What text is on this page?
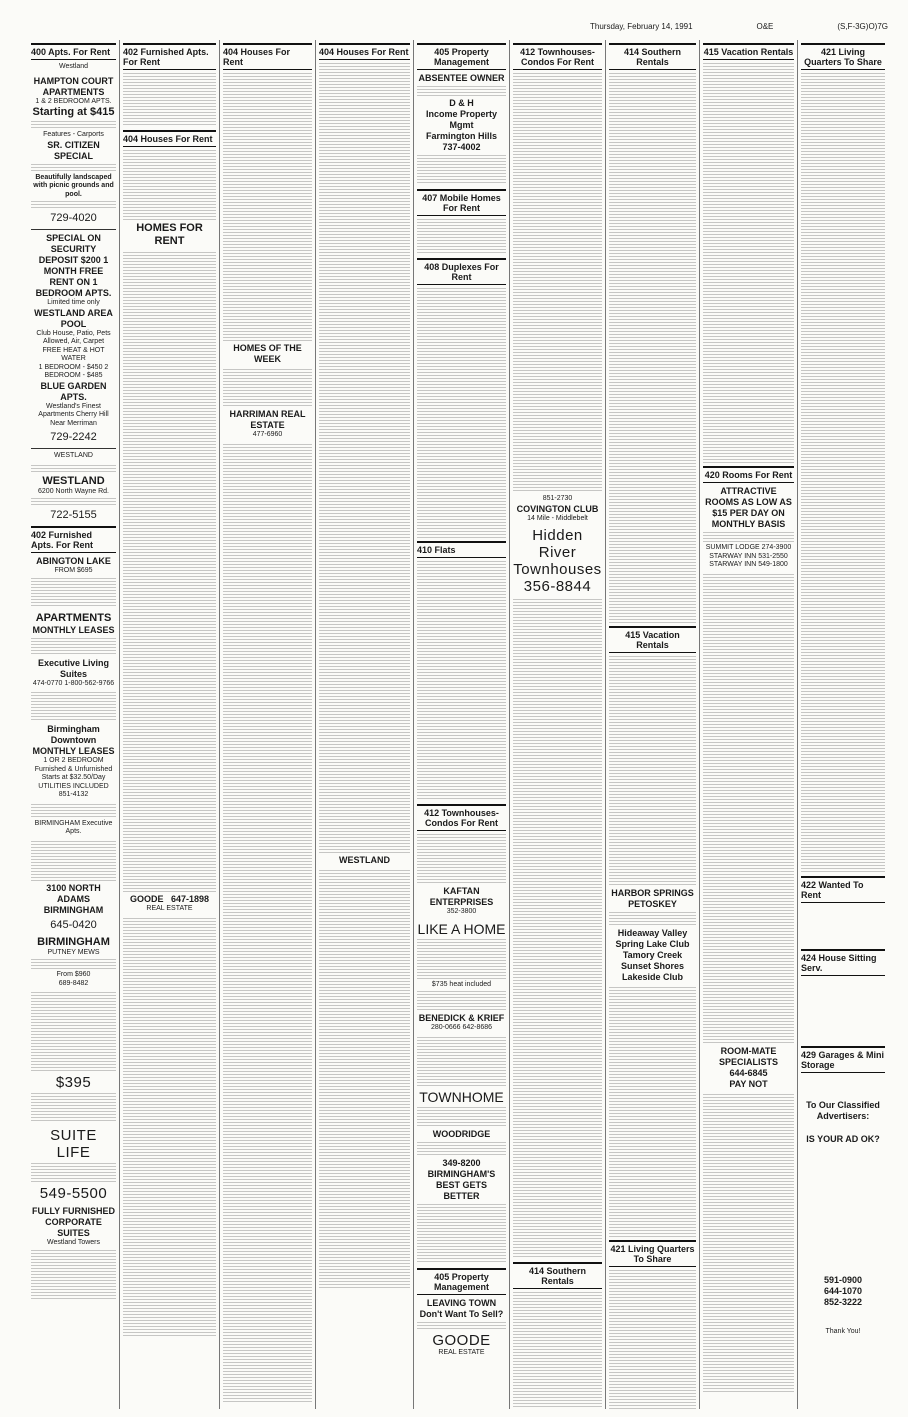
Thursday, February 14, 1991	O&E	(S,F-3G)O)7G
400 Apts. For Rent
Westland
HAMPTON COURT APARTMENTS
1 & 2 BEDROOM APTS.
Starting at $415
Features - Carports
SR. CITIZEN SPECIAL
Beautifully landscaped with picnic grounds and pool.
729-4020
SPECIAL ON SECURITY DEPOSIT $200 1 MONTH FREE RENT ON 1 BEDROOM APTS.
Limited time only
WESTLAND AREA POOL
Club House, Patio, Pets Allowed, Air, Carpet
FREE HEAT & HOT WATER
1 BEDROOM - $450 2 BEDROOM - $485
BLUE GARDEN APTS.
Westland's Finest Apartments Cherry Hill Near Merriman
729-2242
WESTLAND
WESTLAND
6200 North Wayne Rd.
722-5155
402 Furnished Apts. For Rent
ABINGTON LAKE
FROM $695
APARTMENTS
MONTHLY LEASES
Executive Living Suites
474-0770 1-800-562-9766
Birmingham Downtown
MONTHLY LEASES
1 OR 2 BEDROOM Furnished & Unfurnished Starts at $32.50/Day UTILITIES INCLUDED
851-4132
BIRMINGHAM Executive Apts.
3100 NORTH ADAMS BIRMINGHAM
645-0420
BIRMINGHAM
PUTNEY MEWS
From $960
689-8482
$395
SUITE LIFE
549-5500
FULLY FURNISHED CORPORATE SUITES
Westland Towers
402 Furnished Apts. For Rent
404 Houses For Rent
HOMES FOR RENT
GOODE 647-1898
REAL ESTATE
404 Houses For Rent
HOMES OF THE WEEK
HARRIMAN REAL ESTATE
477-6960
404 Houses For Rent
WESTLAND
405 Property Management
ABSENTEE OWNER
D & H
Income Property Mgmt
Farmington Hills 737-4002
407 Mobile Homes For Rent
408 Duplexes For Rent
410 Flats
412 Townhouses-Condos For Rent
KAFTAN ENTERPRISES
352-3800
LIKE A HOME
$735 heat included
BENEDICK & KRIEF
280-0666 642-8686
TOWNHOME
WOODRIDGE
349-8200
BIRMINGHAM'S BEST GETS BETTER
405 Property Management
LEAVING TOWN Don't Want To Sell?
GOODE
REAL ESTATE
412 Townhouses-Condos For Rent
851-2730
COVINGTON CLUB
14 Mile - Middlebelt
Hidden River
Townhouses
356-8844
414 Southern Rentals
414 Southern Rentals
415 Vacation Rentals
HARBOR SPRINGS PETOSKEY
Hideaway Valley Spring Lake Club Tamory Creek Sunset Shores Lakeside Club
421 Living Quarters To Share
415 Vacation Rentals
420 Rooms For Rent
ATTRACTIVE ROOMS AS LOW AS $15 PER DAY ON MONTHLY BASIS
SUMMIT LODGE 274-3900
STARWAY INN 531-2550
STARWAY INN 549-1800
ROOM-MATE SPECIALISTS
644-6845
PAY NOT
421 Living Quarters To Share
422 Wanted To Rent
424 House Sitting Serv.
429 Garages & Mini Storage
To Our Classified Advertisers:
IS YOUR AD OK?
591-0900
644-1070
852-3222
Thank You!
